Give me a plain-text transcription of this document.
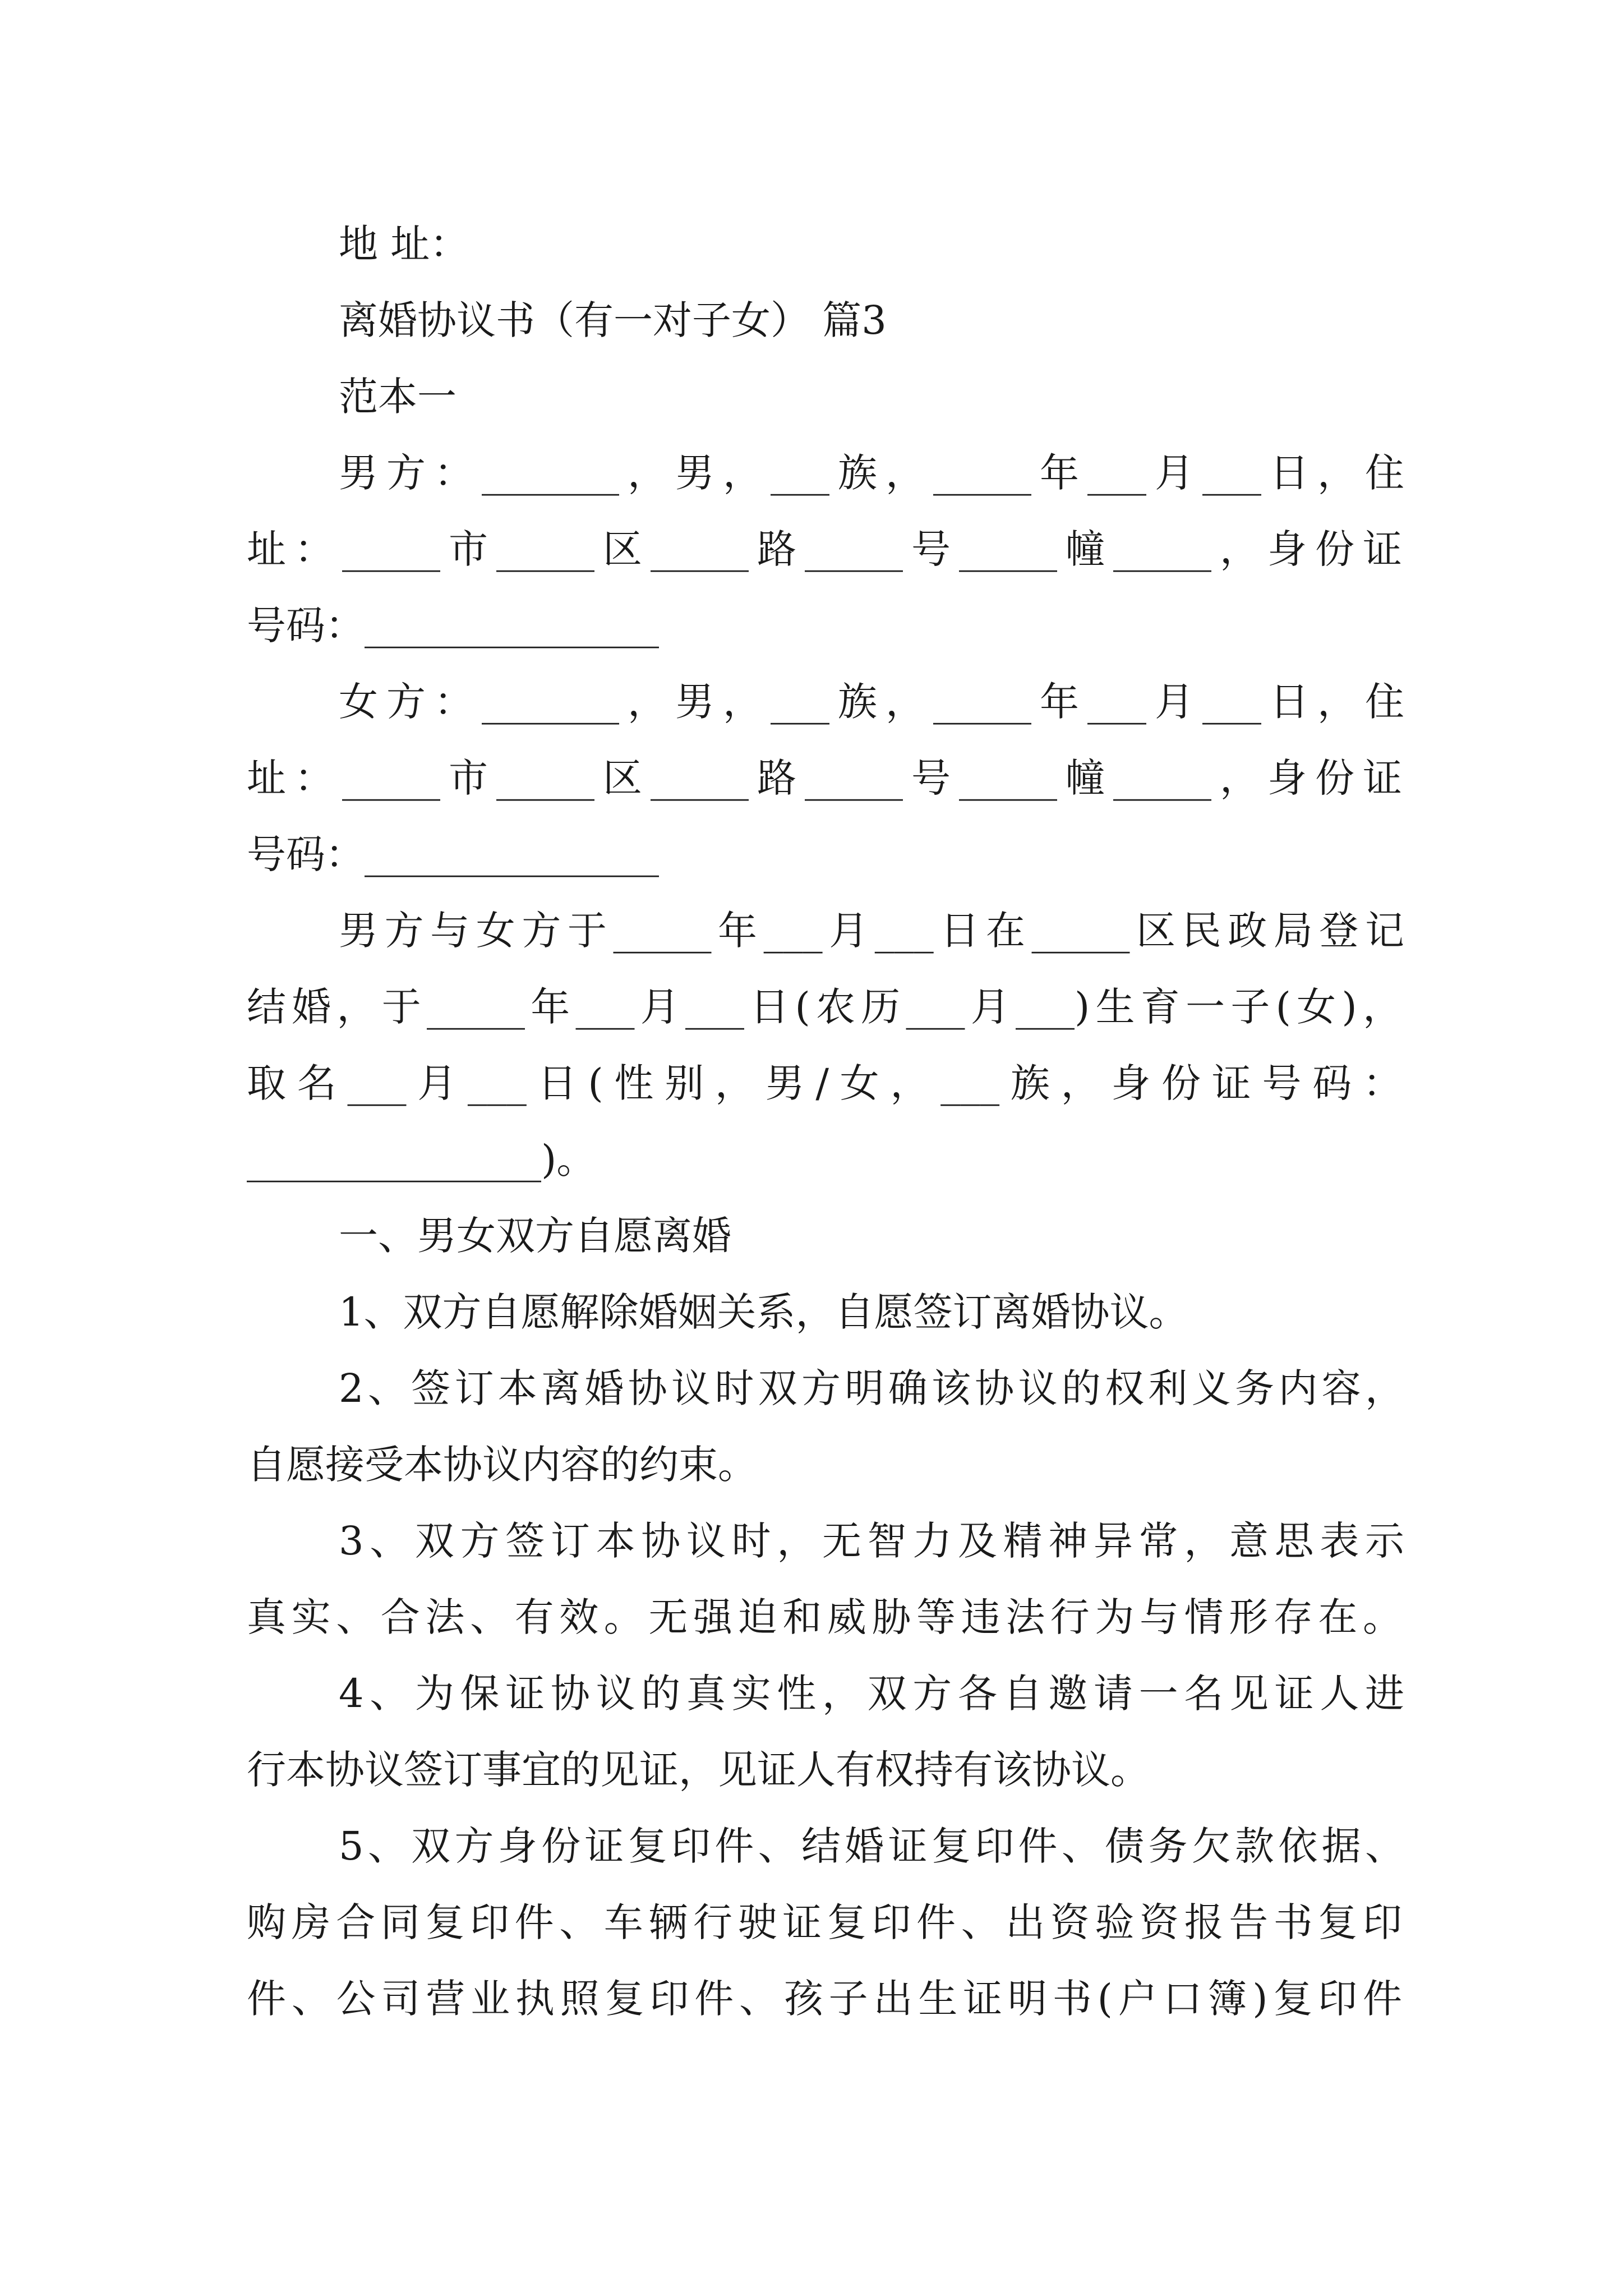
地 址：
离婚协议书（有一对子女） 篇3
范本一
男方：_______，男，___族，_____年___月___日，住
址：_____市_____区_____路_____号_____幢_____，身份证
号码：_______________
女方：_______，男，___族，_____年___月___日，住
址：_____市_____区_____路_____号_____幢_____，身份证
号码：_______________
男方与女方于_____年___月___日在_____区民政局登记
结婚，于_____年___月___日(农历___月___)生育一子(女)，
取名___月___日(性别，男/女，___族，身份证号码：
_______________)。
一、男女双方自愿离婚
1、双方自愿解除婚姻关系，自愿签订离婚协议。
2、签订本离婚协议时双方明确该协议的权利义务内容，
自愿接受本协议内容的约束。
3、双方签订本协议时，无智力及精神异常，意思表示
真实、合法、有效。无强迫和威胁等违法行为与情形存在。
4、为保证协议的真实性，双方各自邀请一名见证人进
行本协议签订事宜的见证，见证人有权持有该协议。
5、双方身份证复印件、结婚证复印件、债务欠款依据、
购房合同复印件、车辆行驶证复印件、出资验资报告书复印
件、公司营业执照复印件、孩子出生证明书(户口簿)复印件
